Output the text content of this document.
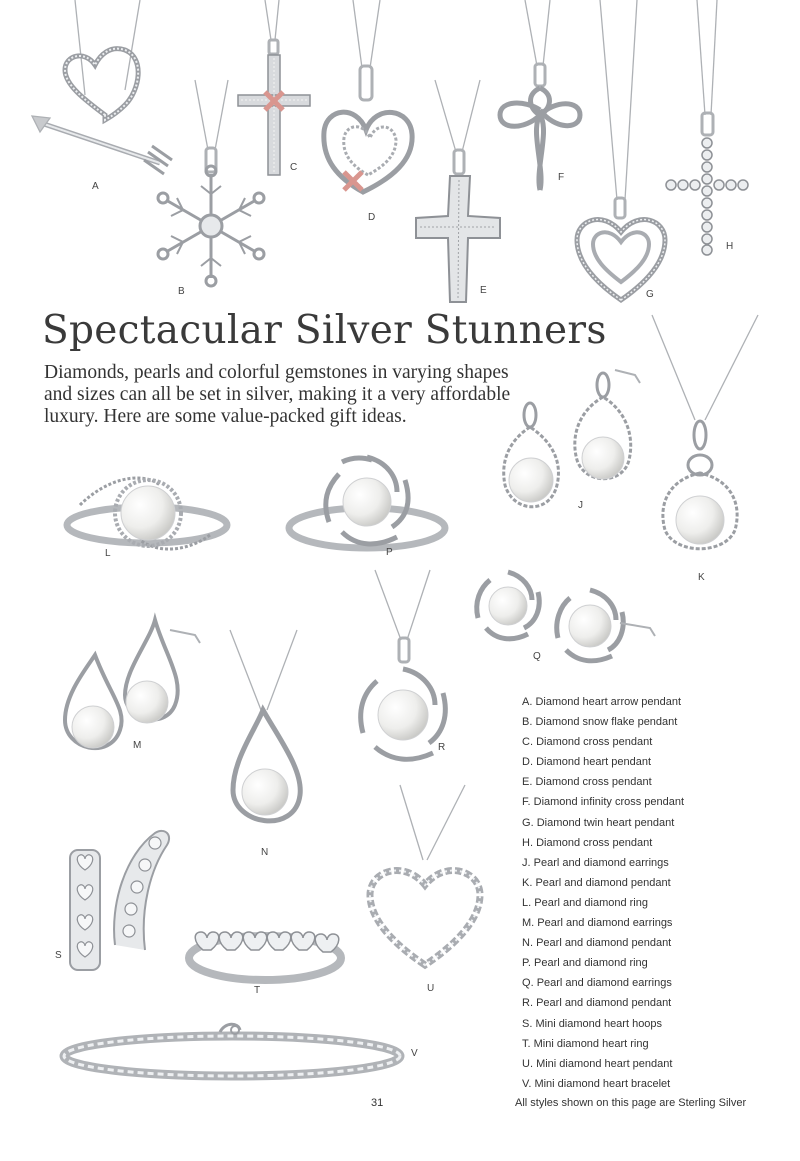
A
B
C
D
E
F
G
H
Spectacular Silver Stunners

Diamonds, pearls and colorful gemstones in varying shapes and sizes can all be set in silver, making it a very affordable luxury. Here are some value-packed gift ideas.

J
K
L	P
Q
M
N
R
S
T	U
V
A. Diamond heart arrow pendant
B. Diamond snow flake pendant
C. Diamond cross pendant
D. Diamond heart pendant
E. Diamond cross pendant
F. Diamond infinity cross pendant
G. Diamond twin heart pendant
H. Diamond cross pendant
J. Pearl and diamond earrings
K. Pearl and diamond pendant
L. Pearl and diamond ring
M. Pearl and diamond earrings
N. Pearl and diamond pendant
P. Pearl and diamond ring
Q. Pearl and diamond earrings
R. Pearl and diamond pendant
S. Mini diamond heart hoops
T. Mini diamond heart ring
U. Mini diamond heart pendant
V. Mini diamond heart bracelet
31	All styles shown on this page are Sterling Silver
